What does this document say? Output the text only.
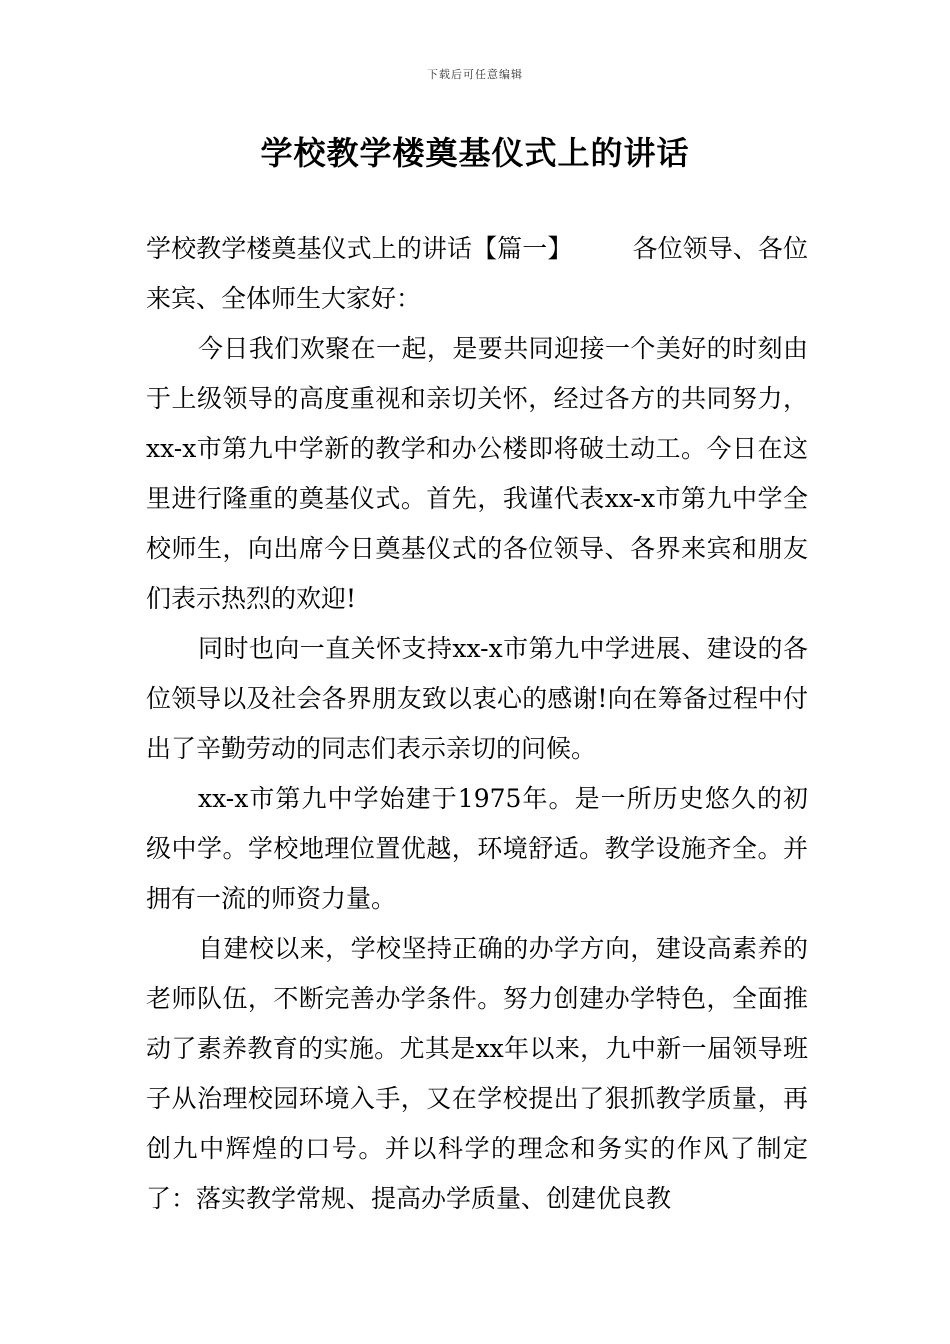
下载后可任意编辑
学校教学楼奠基仪式上的讲话

学校教学楼奠基仪式上的讲话【篇一】 各位领导、各位来宾、全体师生大家好：

今日我们欢聚在一起，是要共同迎接一个美好的时刻由于上级领导的高度重视和亲切关怀，经过各方的共同努力，xx-x市第九中学新的教学和办公楼即将破土动工。今日在这里进行隆重的奠基仪式。首先，我谨代表xx-x市第九中学全校师生，向出席今日奠基仪式的各位领导、各界来宾和朋友们表示热烈的欢迎!

同时也向一直关怀支持xx-x市第九中学进展、建设的各位领导以及社会各界朋友致以衷心的感谢!向在筹备过程中付出了辛勤劳动的同志们表示亲切的问候。

xx-x市第九中学始建于1975年。是一所历史悠久的初级中学。学校地理位置优越，环境舒适。教学设施齐全。并拥有一流的师资力量。

自建校以来，学校坚持正确的办学方向，建设高素养的老师队伍，不断完善办学条件。努力创建办学特色，全面推动了素养教育的实施。尤其是xx年以来，九中新一届领导班子从治理校园环境入手，又在学校提出了狠抓教学质量，再创九中辉煌的口号。并以科学的理念和务实的作风了制定了：落实教学常规、提高办学质量、创建优良教
